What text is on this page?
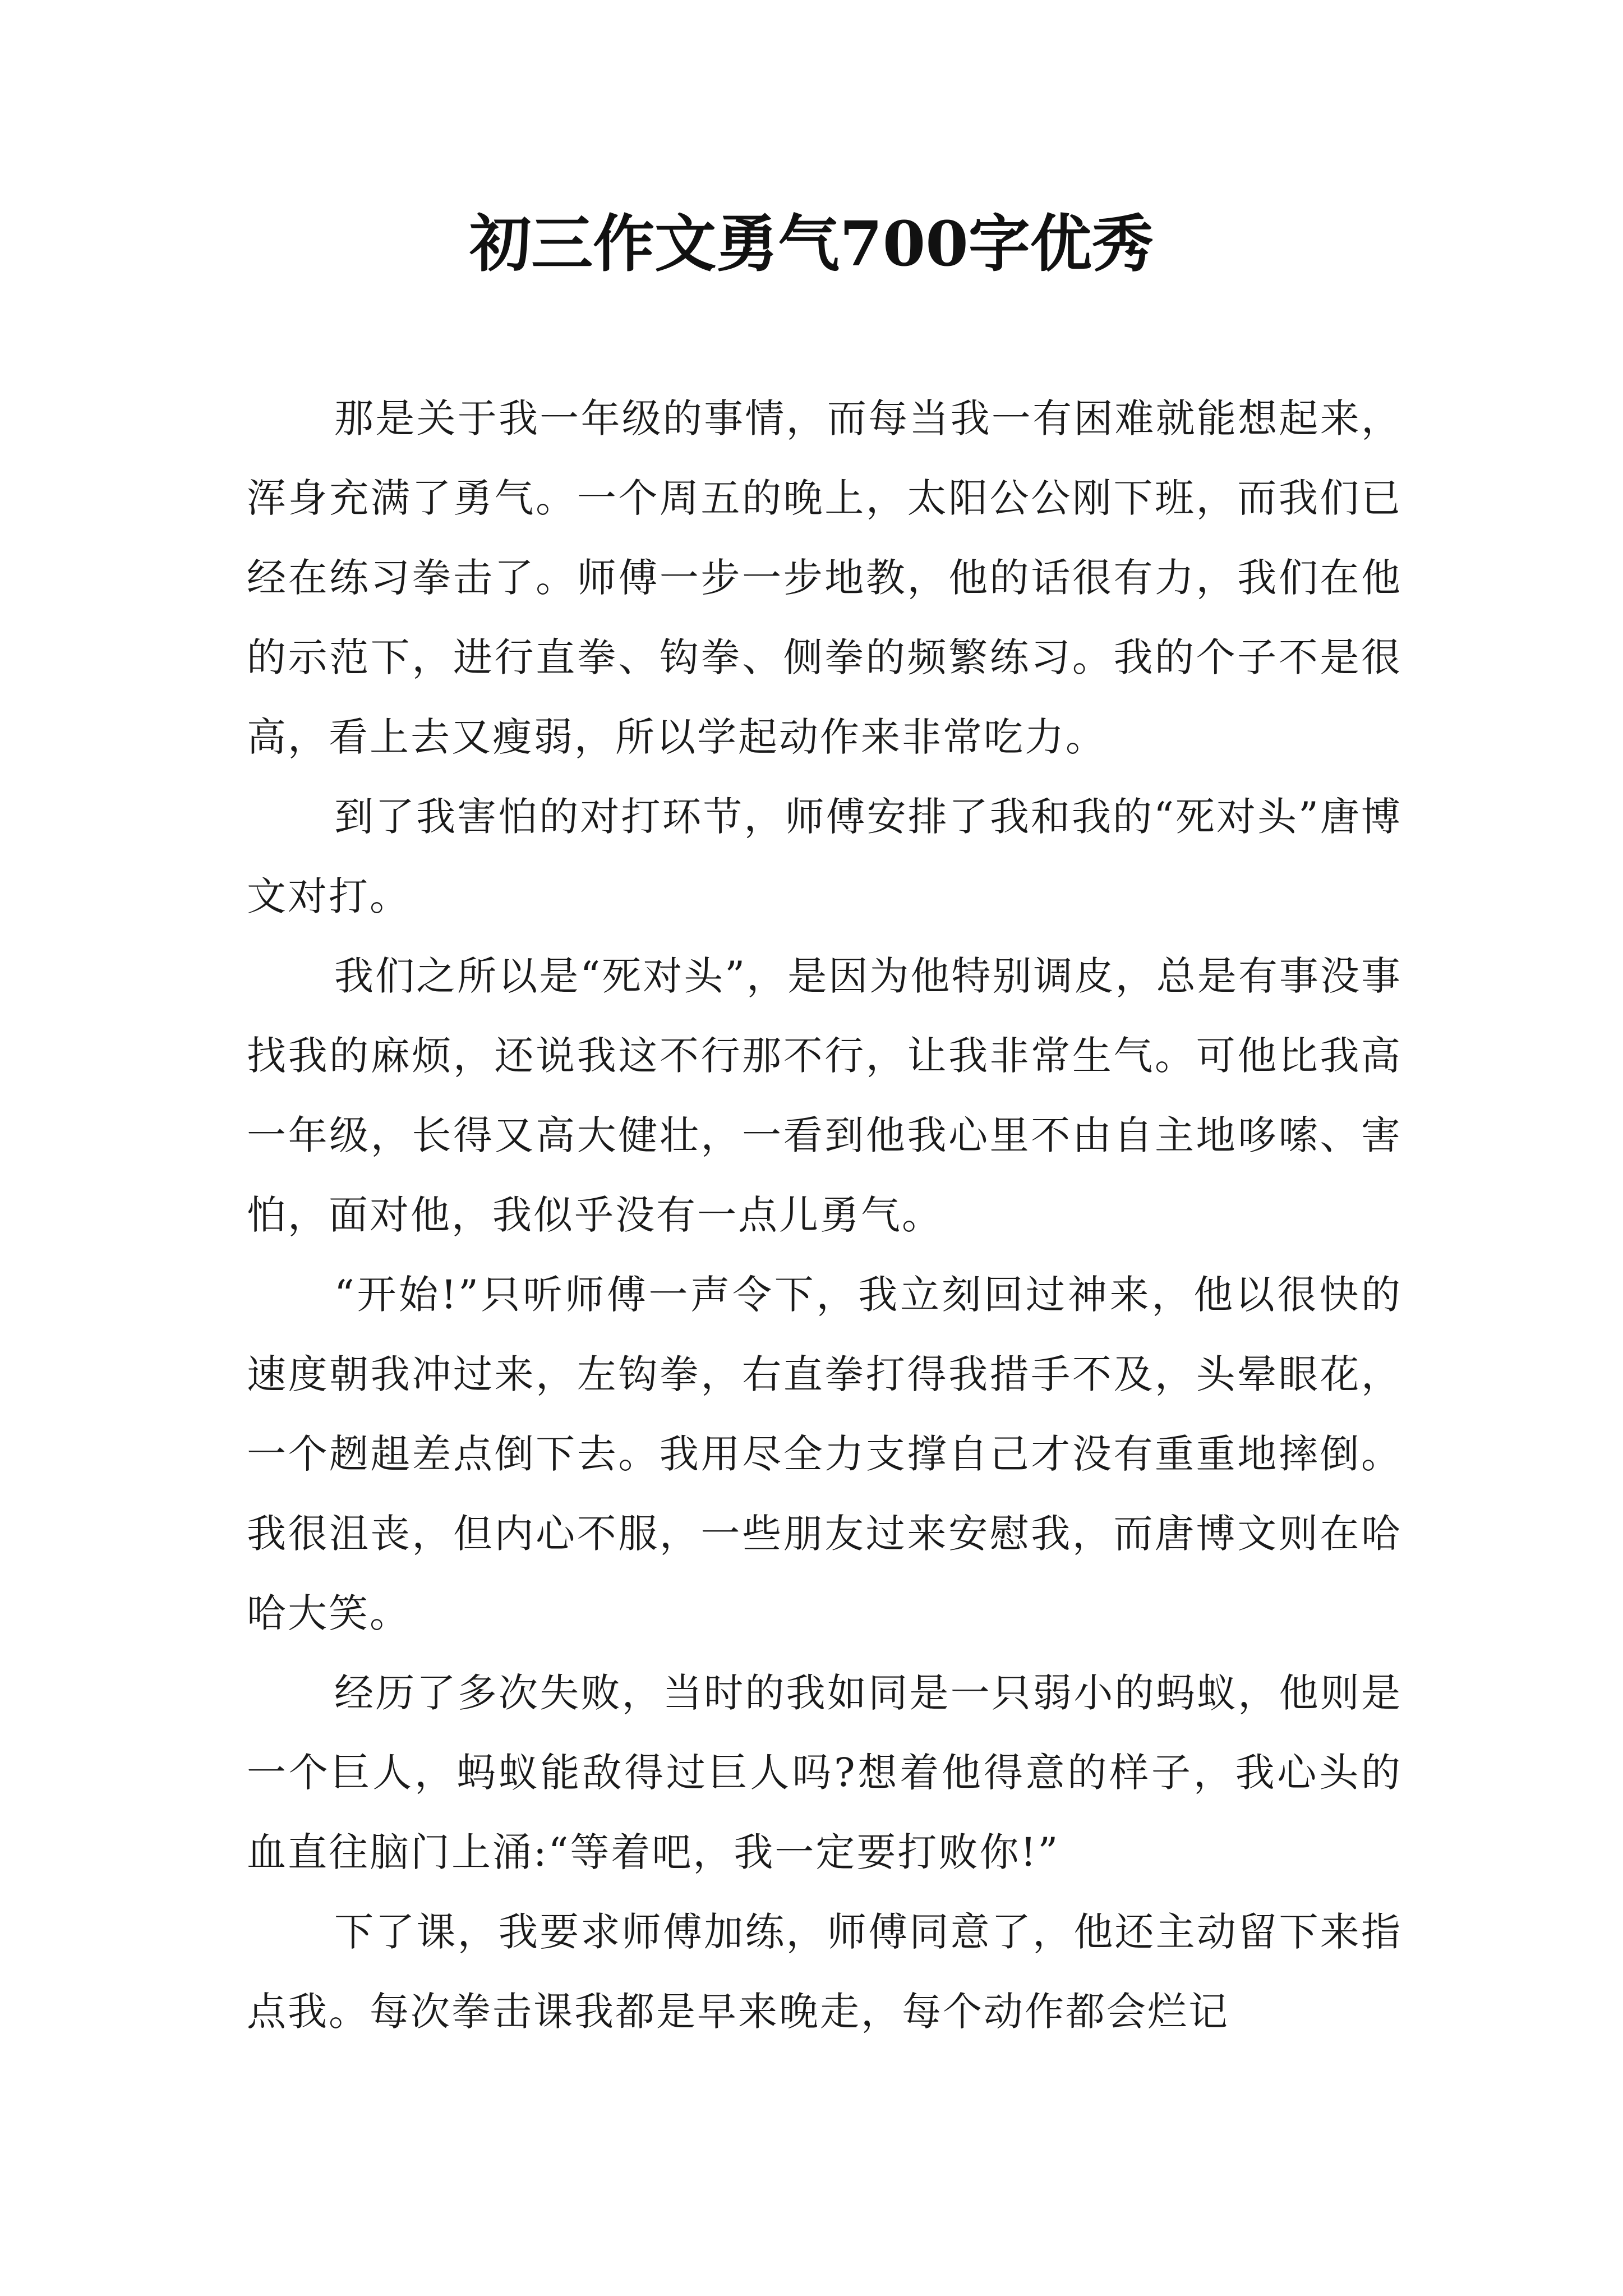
初三作文勇气700字优秀

那是关于我一年级的事情，而每当我一有困难就能想起来，浑身充满了勇气。一个周五的晚上，太阳公公刚下班，而我们已经在练习拳击了。师傅一步一步地教，他的话很有力，我们在他的示范下，进行直拳、钩拳、侧拳的频繁练习。我的个子不是很高，看上去又瘦弱，所以学起动作来非常吃力。

到了我害怕的对打环节，师傅安排了我和我的“死对头”唐博文对打。

我们之所以是“死对头”，是因为他特别调皮，总是有事没事找我的麻烦，还说我这不行那不行，让我非常生气。可他比我高一年级，长得又高大健壮，一看到他我心里不由自主地哆嗦、害怕，面对他，我似乎没有一点儿勇气。

“开始!”只听师傅一声令下，我立刻回过神来，他以很快的速度朝我冲过来，左钩拳，右直拳打得我措手不及，头晕眼花，一个趔趄差点倒下去。我用尽全力支撑自己才没有重重地摔倒。我很沮丧，但内心不服，一些朋友过来安慰我，而唐博文则在哈哈大笑。

经历了多次失败，当时的我如同是一只弱小的蚂蚁，他则是一个巨人，蚂蚁能敌得过巨人吗?想着他得意的样子，我心头的血直往脑门上涌:“等着吧，我一定要打败你!”

下了课，我要求师傅加练，师傅同意了，他还主动留下来指点我。每次拳击课我都是早来晚走，每个动作都会烂记
